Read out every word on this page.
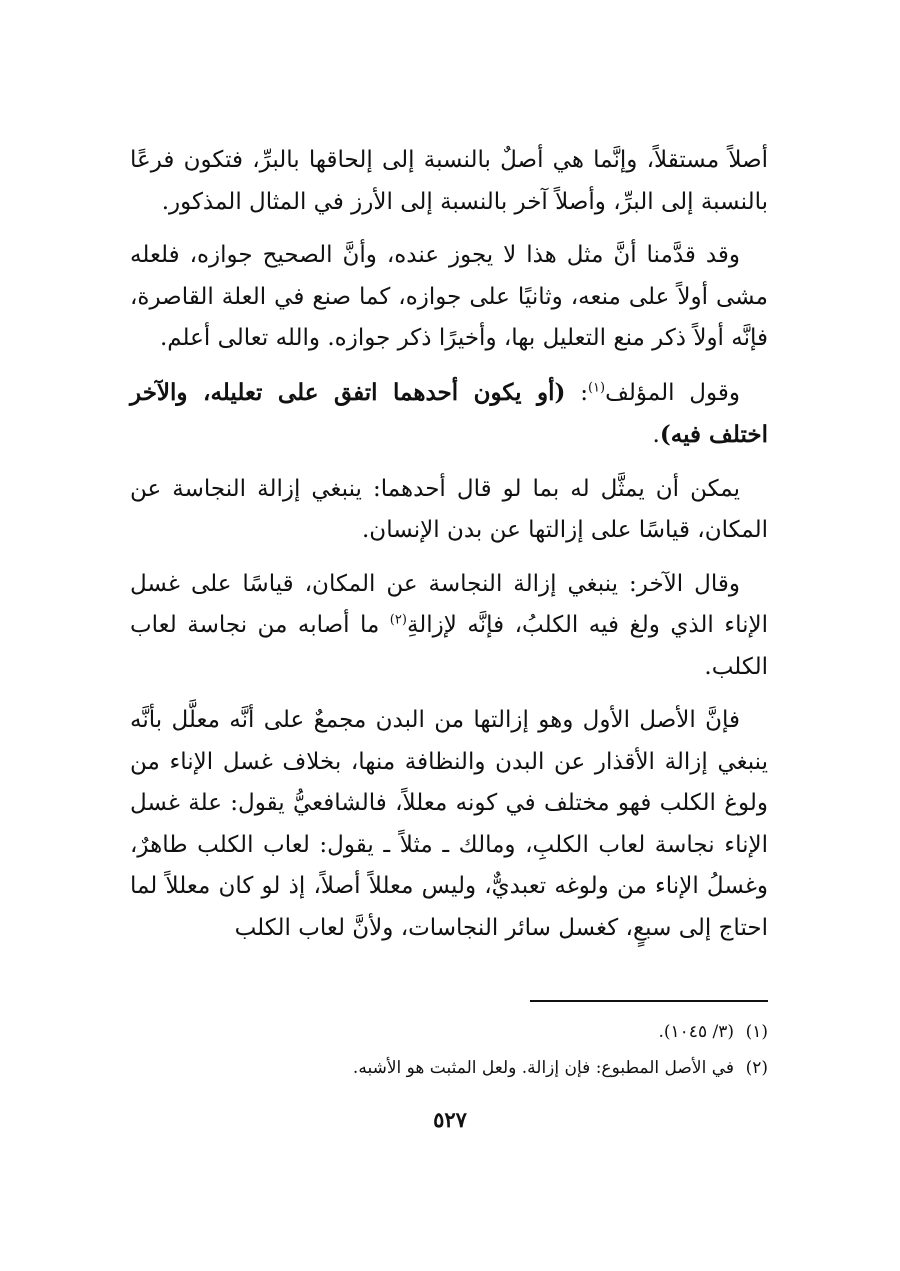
أصلاً مستقلاً، وإنَّما هي أصلٌ بالنسبة إلى إلحاقها بالبرِّ، فتكون فرعًا بالنسبة إلى البرِّ، وأصلاً آخر بالنسبة إلى الأرز في المثال المذكور.

وقد قدَّمنا أنَّ مثل هذا لا يجوز عنده، وأنَّ الصحيح جوازه، فلعله مشى أولاً على منعه، وثانيًا على جوازه، كما صنع في العلة القاصرة، فإنَّه أولاً ذكر منع التعليل بها، وأخيرًا ذكر جوازه. والله تعالى أعلم.

وقول المؤلف$^{(١)}$: (أو يكون أحدهما اتفق على تعليله، والآخر اختلف فيه).

يمكن أن يمثَّل له بما لو قال أحدهما: ينبغي إزالة النجاسة عن المكان، قياسًا على إزالتها عن بدن الإنسان.

وقال الآخر: ينبغي إزالة النجاسة عن المكان، قياسًا على غسل الإناء الذي ولغ فيه الكلبُ، فإنَّه لإزالةِ$^{(٢)}$ ما أصابه من نجاسة لعاب الكلب.

فإنَّ الأصل الأول وهو إزالتها من البدن مجمعٌ على أنَّه معلَّل بأنَّه ينبغي إزالة الأقذار عن البدن والنظافة منها، بخلاف غسل الإناء من ولوغ الكلب فهو مختلف في كونه معللاً، فالشافعيُّ يقول: علة غسل الإناء نجاسة لعاب الكلبِ، ومالك ـ مثلاً ـ يقول: لعاب الكلب طاهرٌ، وغسلُ الإناء من ولوغه تعبديٌّ، وليس معللاً أصلاً، إذ لو كان معللاً لما احتاج إلى سبعٍ، كغسل سائر النجاسات، ولأنَّ لعاب الكلب

(١)(٣/ ١٠٤٥).
(٢)في الأصل المطبوع: فإن إزالة. ولعل المثبت هو الأشبه.
٥٢٧
